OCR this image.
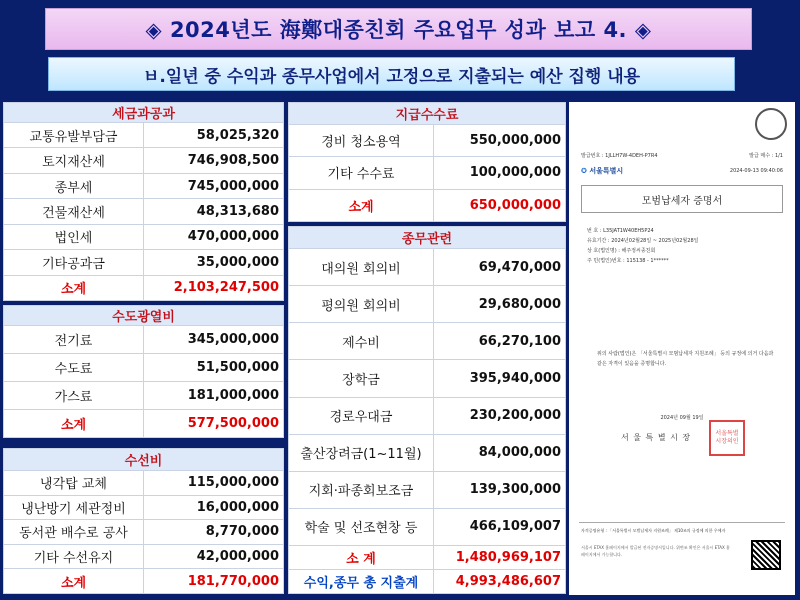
◈ 2024년도 海鄭대종친회 주요업무 성과 보고 4. ◈
ㅂ.일년 중 수익과 종무사업에서 고정으로 지출되는 예산 집행 내용
세금과공과	
교통유발부담금	58,025,320
토지재산세	746,908,500
종부세	745,000,000
건물재산세	48,313,680
법인세	470,000,000
기타공과금	35,000,000
소계	2,103,247,500
수도광열비	
전기료	345,000,000
수도료	51,500,000
가스료	181,000,000
소계	577,500,000
수선비	
냉각탑 교체	115,000,000
냉난방기 세관정비	16,000,000
동서관 배수로 공사	8,770,000
기타 수선유지	42,000,000
소계	181,770,000
지급수수료	
경비 청소용역	550,000,000
기타 수수료	100,000,000
소계	650,000,000
종무관련	
대의원 회의비	69,470,000
평의원 회의비	29,680,000
제수비	66,270,100
장학금	395,940,000
경로우대금	230,200,000
출산장려금(1~11월)	84,000,000
지회·파종회보조금	139,300,000
학술 및 선조현창 등	466,109,007
소 계	1,480,969,107
수익,종무 총 지출계	4,993,486,607
발급번호 : 1JLLH7W-4DEH-P7R4	발급 매수 : 1/1
2024-09-13 09:40:06
✪ 서울특별시
모범납세자 증명서
번 호 : L35JAT1W40EH5P24
유효기간 : 2024년02월28일 ~ 2025년02월28일
상 호(법인명) : 해주정씨종친회
주 민(법인)번호 : 115138 - 1******
위의 사람(법인)은 「서울특별시 모범납세자 지원조례」 등의 규정에 의거 다음과 같은 자격이 있음을 증명합니다.
2024년 09월 19일
서 울 특 별 시 장	서울특별시장의인
자격증명유형 : 「서울특별시 모범납세자 지원조례」 제10조의 규정에 의한 우에자
서울시 ETAX 홈페이지에서 발급된 전자증명서입니다. 위변조 확인은 서울시 ETAX 홈페이지에서 가능합니다.
